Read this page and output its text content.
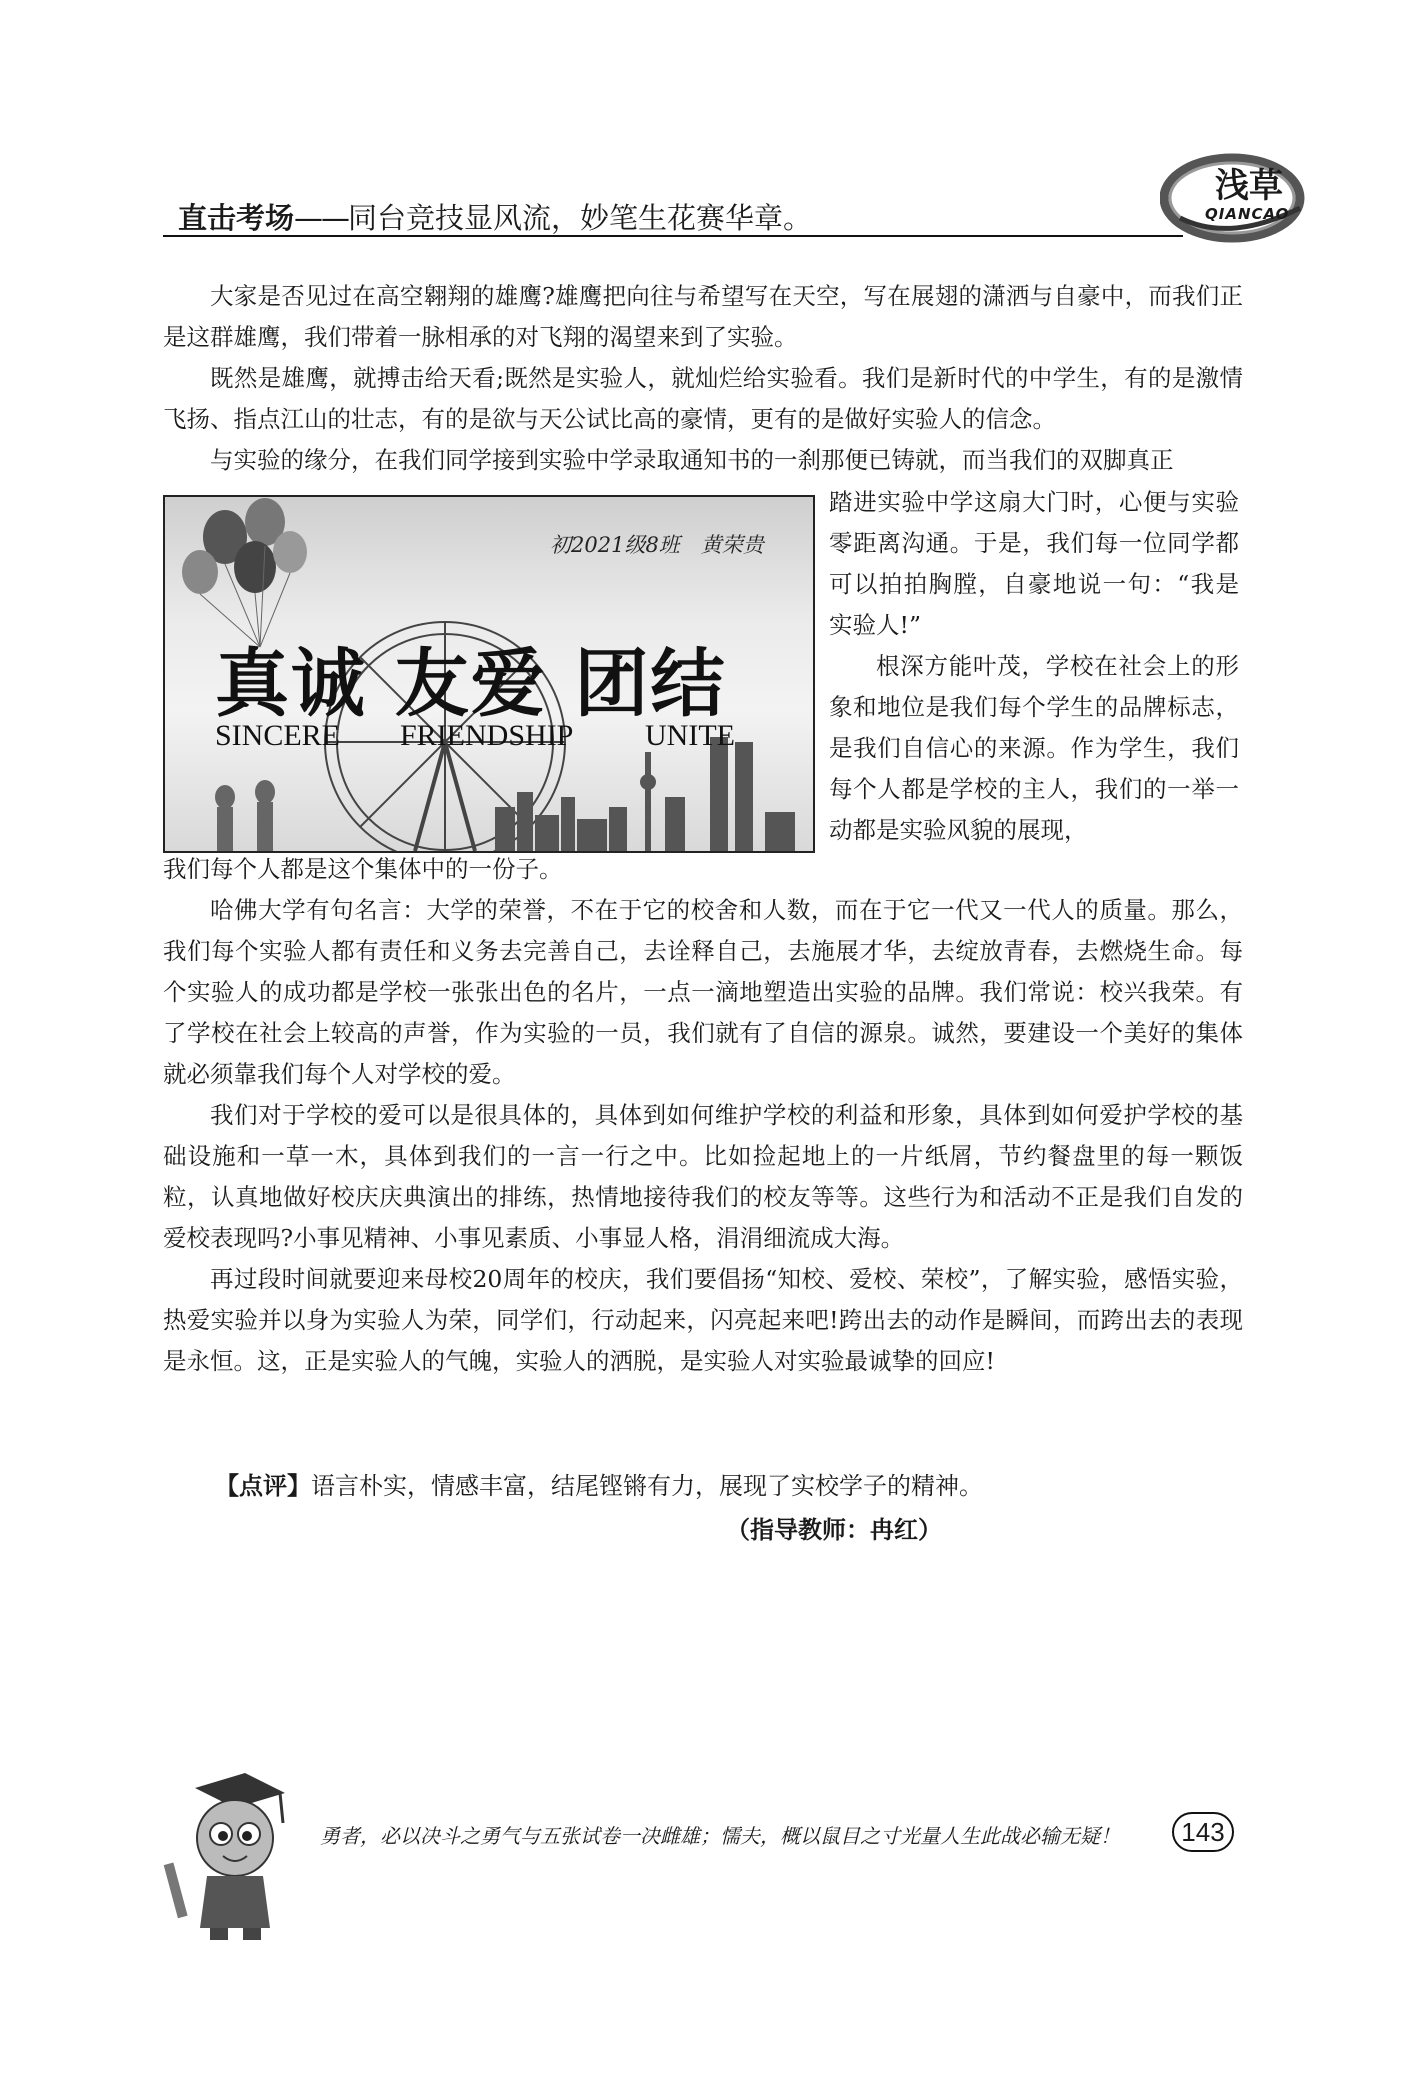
直击考场——同台竞技显风流，妙笔生花赛华章。
浅草
QIANCAO

大家是否见过在高空翱翔的雄鹰?雄鹰把向往与希望写在天空，写在展翅的潇洒与自豪中，而我们正是这群雄鹰，我们带着一脉相承的对飞翔的渴望来到了实验。

既然是雄鹰，就搏击给天看;既然是实验人，就灿烂给实验看。我们是新时代的中学生，有的是激情飞扬、指点江山的壮志，有的是欲与天公试比高的豪情，更有的是做好实验人的信念。

与实验的缘分，在我们同学接到实验中学录取通知书的一刹那便已铸就，而当我们的双脚真正

踏进实验中学这扇大门时，心便与实验零距离沟通。于是，我们每一位同学都可以拍拍胸膛，自豪地说一句：“我是实验人!”

根深方能叶茂，学校在社会上的形象和地位是我们每个学生的品牌标志，是我们自信心的来源。作为学生，我们每个人都是学校的主人，我们的一举一动都是实验风貌的展现，

我们每个人都是这个集体中的一份子。

哈佛大学有句名言：大学的荣誉，不在于它的校舍和人数，而在于它一代又一代人的质量。那么，我们每个实验人都有责任和义务去完善自己，去诠释自己，去施展才华，去绽放青春，去燃烧生命。每个实验人的成功都是学校一张张出色的名片，一点一滴地塑造出实验的品牌。我们常说：校兴我荣。有了学校在社会上较高的声誉，作为实验的一员，我们就有了自信的源泉。诚然，要建设一个美好的集体就必须靠我们每个人对学校的爱。

我们对于学校的爱可以是很具体的，具体到如何维护学校的利益和形象，具体到如何爱护学校的基础设施和一草一木，具体到我们的一言一行之中。比如捡起地上的一片纸屑，节约餐盘里的每一颗饭粒，认真地做好校庆庆典演出的排练，热情地接待我们的校友等等。这些行为和活动不正是我们自发的爱校表现吗?小事见精神、小事见素质、小事显人格，涓涓细流成大海。

再过段时间就要迎来母校20周年的校庆，我们要倡扬“知校、爱校、荣校”，了解实验，感悟实验，热爱实验并以身为实验人为荣，同学们，行动起来，闪亮起来吧!跨出去的动作是瞬间，而跨出去的表现是永恒。这，正是实验人的气魄，实验人的洒脱，是实验人对实验最诚挚的回应!

初2021级8班　黄荣贵
真诚 友爱 团结
SINCERE FRIENDSHIP UNITE
【点评】语言朴实，情感丰富，结尾铿锵有力，展现了实校学子的精神。
（指导教师：冉红）
勇者，必以决斗之勇气与五张试卷一决雌雄；懦夫，概以鼠目之寸光量人生此战必输无疑！	143
